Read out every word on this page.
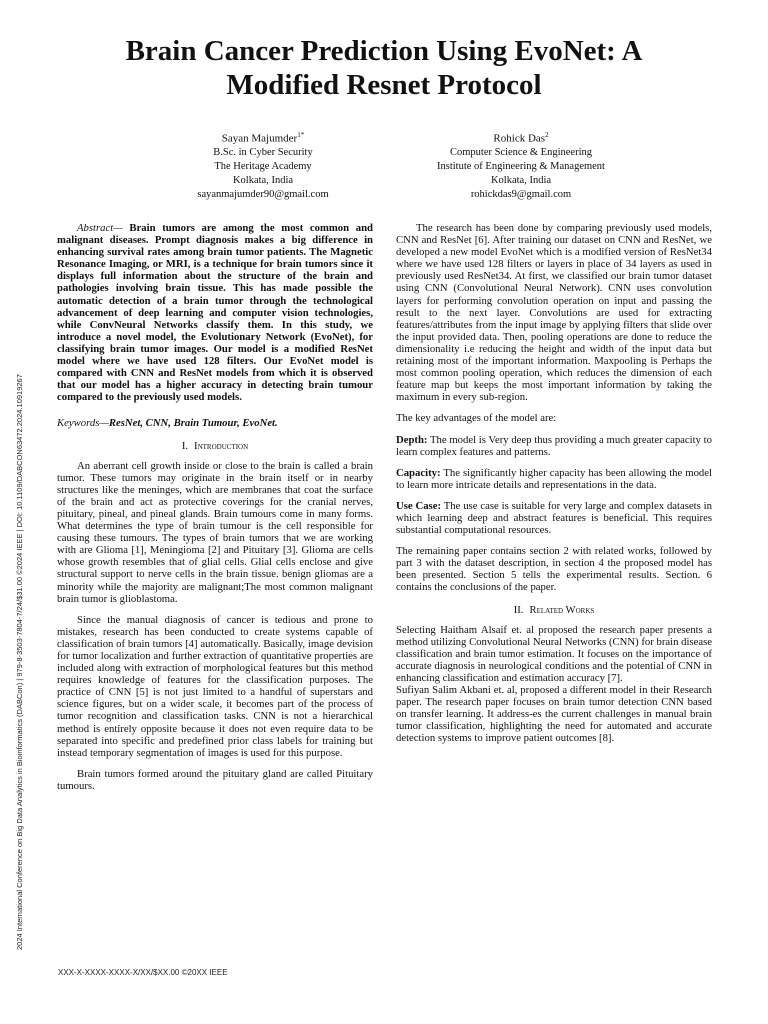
2024 International Conference on Big Data Analytics in Bioinformatics (DABCon) | 979-8-3503-7804-7/24/$31.00 ©2024 IEEE | DOI: 10.1109/DABCON63472.2024.10919267
Brain Cancer Prediction Using EvoNet: A
Modified Resnet Protocol
Sayan Majumder$^{1*}$
B.Sc. in Cyber Security
The Heritage Academy
Kolkata, India
sayanmajumder90@gmail.com
Rohick Das$^2$
Computer Science & Engineering
Institute of Engineering & Management
Kolkata, India
rohickdas9@gmail.com

Abstract— Brain tumors are among the most common and malignant diseases. Prompt diagnosis makes a big difference in enhancing survival rates among brain tumor patients. The Magnetic Resonance Imaging, or MRI, is a technique for brain tumors since it displays full information about the structure of the brain and pathologies involving brain tissue. This has made possible the automatic detection of a brain tumor through the technological advancement of deep learning and computer vision technologies, while ConvNeural Networks classify them. In this study, we introduce a novel model, the Evolutionary Network (EvoNet), for classifying brain tumor images. Our model is a modified ResNet model where we have used 128 filters. Our EvoNet model is compared with CNN and ResNet models from which it is observed that our model has a higher accuracy in detecting brain tumour compared to the previously used models.

Keywords—ResNet, CNN, Brain Tumour, EvoNet.

I. Introduction

An aberrant cell growth inside or close to the brain is called a brain tumor. These tumors may originate in the brain itself or in nearby structures like the meninges, which are membranes that coat the surface of the brain and act as protective coverings for the cranial nerves, pituitary, pineal, and pineal glands. Brain tumours come in many forms. What determines the type of brain tumour is the cell responsible for causing these tumours. The types of brain tumors that we are working with are Glioma [1], Meningioma [2] and Pituitary [3]. Glioma are cells whose growth resembles that of glial cells. Glial cells enclose and give structural support to nerve cells in the brain tissue. benign gliomas are a minority while the majority are malignant;The most common malignant brain tumor is glioblastoma.

Since the manual diagnosis of cancer is tedious and prone to mistakes, research has been conducted to create systems capable of classification of brain tumors [4] automatically. Basically, image devision for tumor localization and further extraction of quantitative properties are included along with extraction of morphological features but this method requires knowledge of features for the classification purposes. The practice of CNN [5] is not just limited to a handful of superstars and science figures, but on a wider scale, it becomes part of the process of tumor recognition and classification tasks. CNN is not a hierarchical method is entirely opposite because it does not even require data to be separated into specific and predefined prior class labels for training but instead temporary segmentation of images is used for this purpose.

Brain tumors formed around the pituitary gland are called Pituitary tumours.

The research has been done by comparing previously used models, CNN and ResNet [6]. After training our dataset on CNN and ResNet, we developed a new model EvoNet which is a modified version of ResNet34 where we have used 128 filters or layers in place of 34 layers as used in previously used ResNet34. At first, we classified our brain tumor dataset using CNN (Convolutional Neural Network). CNN uses convolution layers for performing convolution operation on input and passing the result to the next layer. Convolutions are used for extracting features/attributes from the input image by applying filters that slide over the input provided data. Then, pooling operations are done to reduce the dimensionality i.e reducing the height and width of the input data but retaining most of the important information. Maxpooling is Perhaps the most common pooling operation, which reduces the dimension of each feature map but keeps the most important information by taking the maximum in every sub-region.

The key advantages of the model are:

Depth: The model is Very deep thus providing a much greater capacity to learn complex features and patterns.

Capacity: The significantly higher capacity has been allowing the model to learn more intricate details and representations in the data.

Use Case: The use case is suitable for very large and complex datasets in which learning deep and abstract features is beneficial. This requires substantial computational resources.

The remaining paper contains section 2 with related works, followed by part 3 with the dataset description, in section 4 the proposed model has been presented. Section 5 tells the experimental results. Section. 6 contains the conclusions of the paper.

II. Related Works

Selecting Haitham Alsaif et. al proposed the research paper presents a method utilizing Convolutional Neural Networks (CNN) for brain disease classification and brain tumor estimation. It focuses on the importance of accurate diagnosis in neurological conditions and the potential of CNN in enhancing classification and estimation accuracy [7].

Sufiyan Salim Akbani et. al, proposed a different model in their Research paper. The research paper focuses on brain tumor detection CNN based on transfer learning. It address-es the current challenges in manual brain tumor classification, highlighting the need for automated and accurate detection systems to improve patient outcomes [8].

XXX-X-XXXX-XXXX-X/XX/$XX.00 ©20XX IEEE
